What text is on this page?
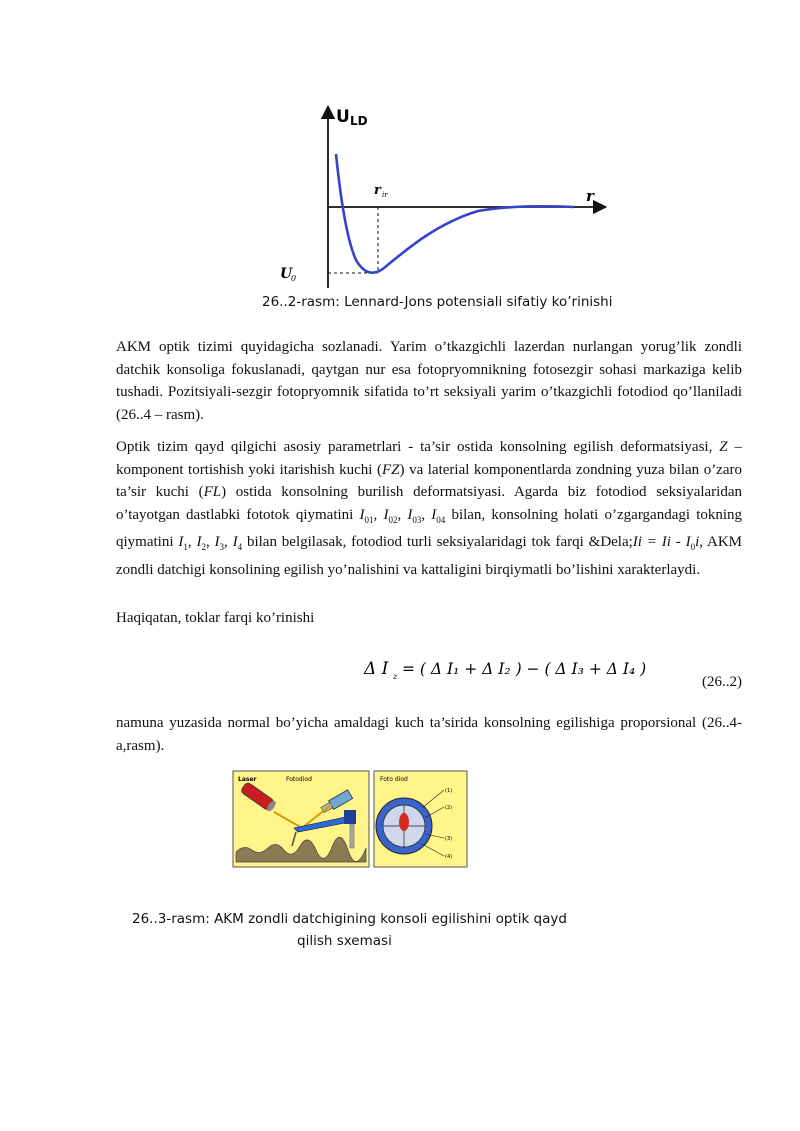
U LD
r
r ir
U
0
26..2-rasm: Lennard-Jons potensiali sifatiy ko’rinishi

AKM optik tizimi quyidagicha sozlanadi. Yarim o’tkazgichli lazerdan nurlangan yorug’lik zondli datchik konsoliga fokuslanadi, qaytgan nur esa fotopryomnikning fotosezgir sohasi markaziga kelib tushadi. Pozitsiyali-sezgir fotopryomnik sifatida to’rt seksiyali yarim o’tkazgichli fotodiod qo’llaniladi (26..4 – rasm).

Optik tizim qayd qilgichi asosiy parametrlari - ta’sir ostida konsolning egilish deformatsiyasi, Z – komponent tortishish yoki itarishish kuchi (FZ) va laterial komponentlarda zondning yuza bilan o’zaro ta’sir kuchi (FL) ostida konsolning burilish deformatsiyasi. Agarda biz fotodiod seksiyalaridan o’tayotgan dastlabki fototok qiymatini $I_{01}$, $I_{02}$, $I_{03}$, $I_{04}$ bilan, konsolning holati o’zgargandagi tokning qiymatini $I_1$, $I_2$, $I_3$, $I_4$ bilan belgilasak, fotodiod turli seksiyalaridagi tok farqi &Dela;Ii = Ii - $I_0i$, AKM zondli datchigi konsolining egilish yo’nalishini va kattaligini birqiymatli bo’lishini xarakterlaydi.

Haqiqatan, toklar farqi ko’rinishi

Δ I z = ( Δ I₁ + Δ I₂ ) − ( Δ I₃ + Δ I₄ )
(26..2)

namuna yuzasida normal bo’yicha amaldagi kuch ta’sirida konsolning egilishiga proporsional (26..4-a,rasm).

Laser	Fotodiod	Foto diod
(1)
(2)
(3)
(4)
26..3-rasm: AKM zondli datchigining konsoli egilishini optik qayd
qilish sxemasi
